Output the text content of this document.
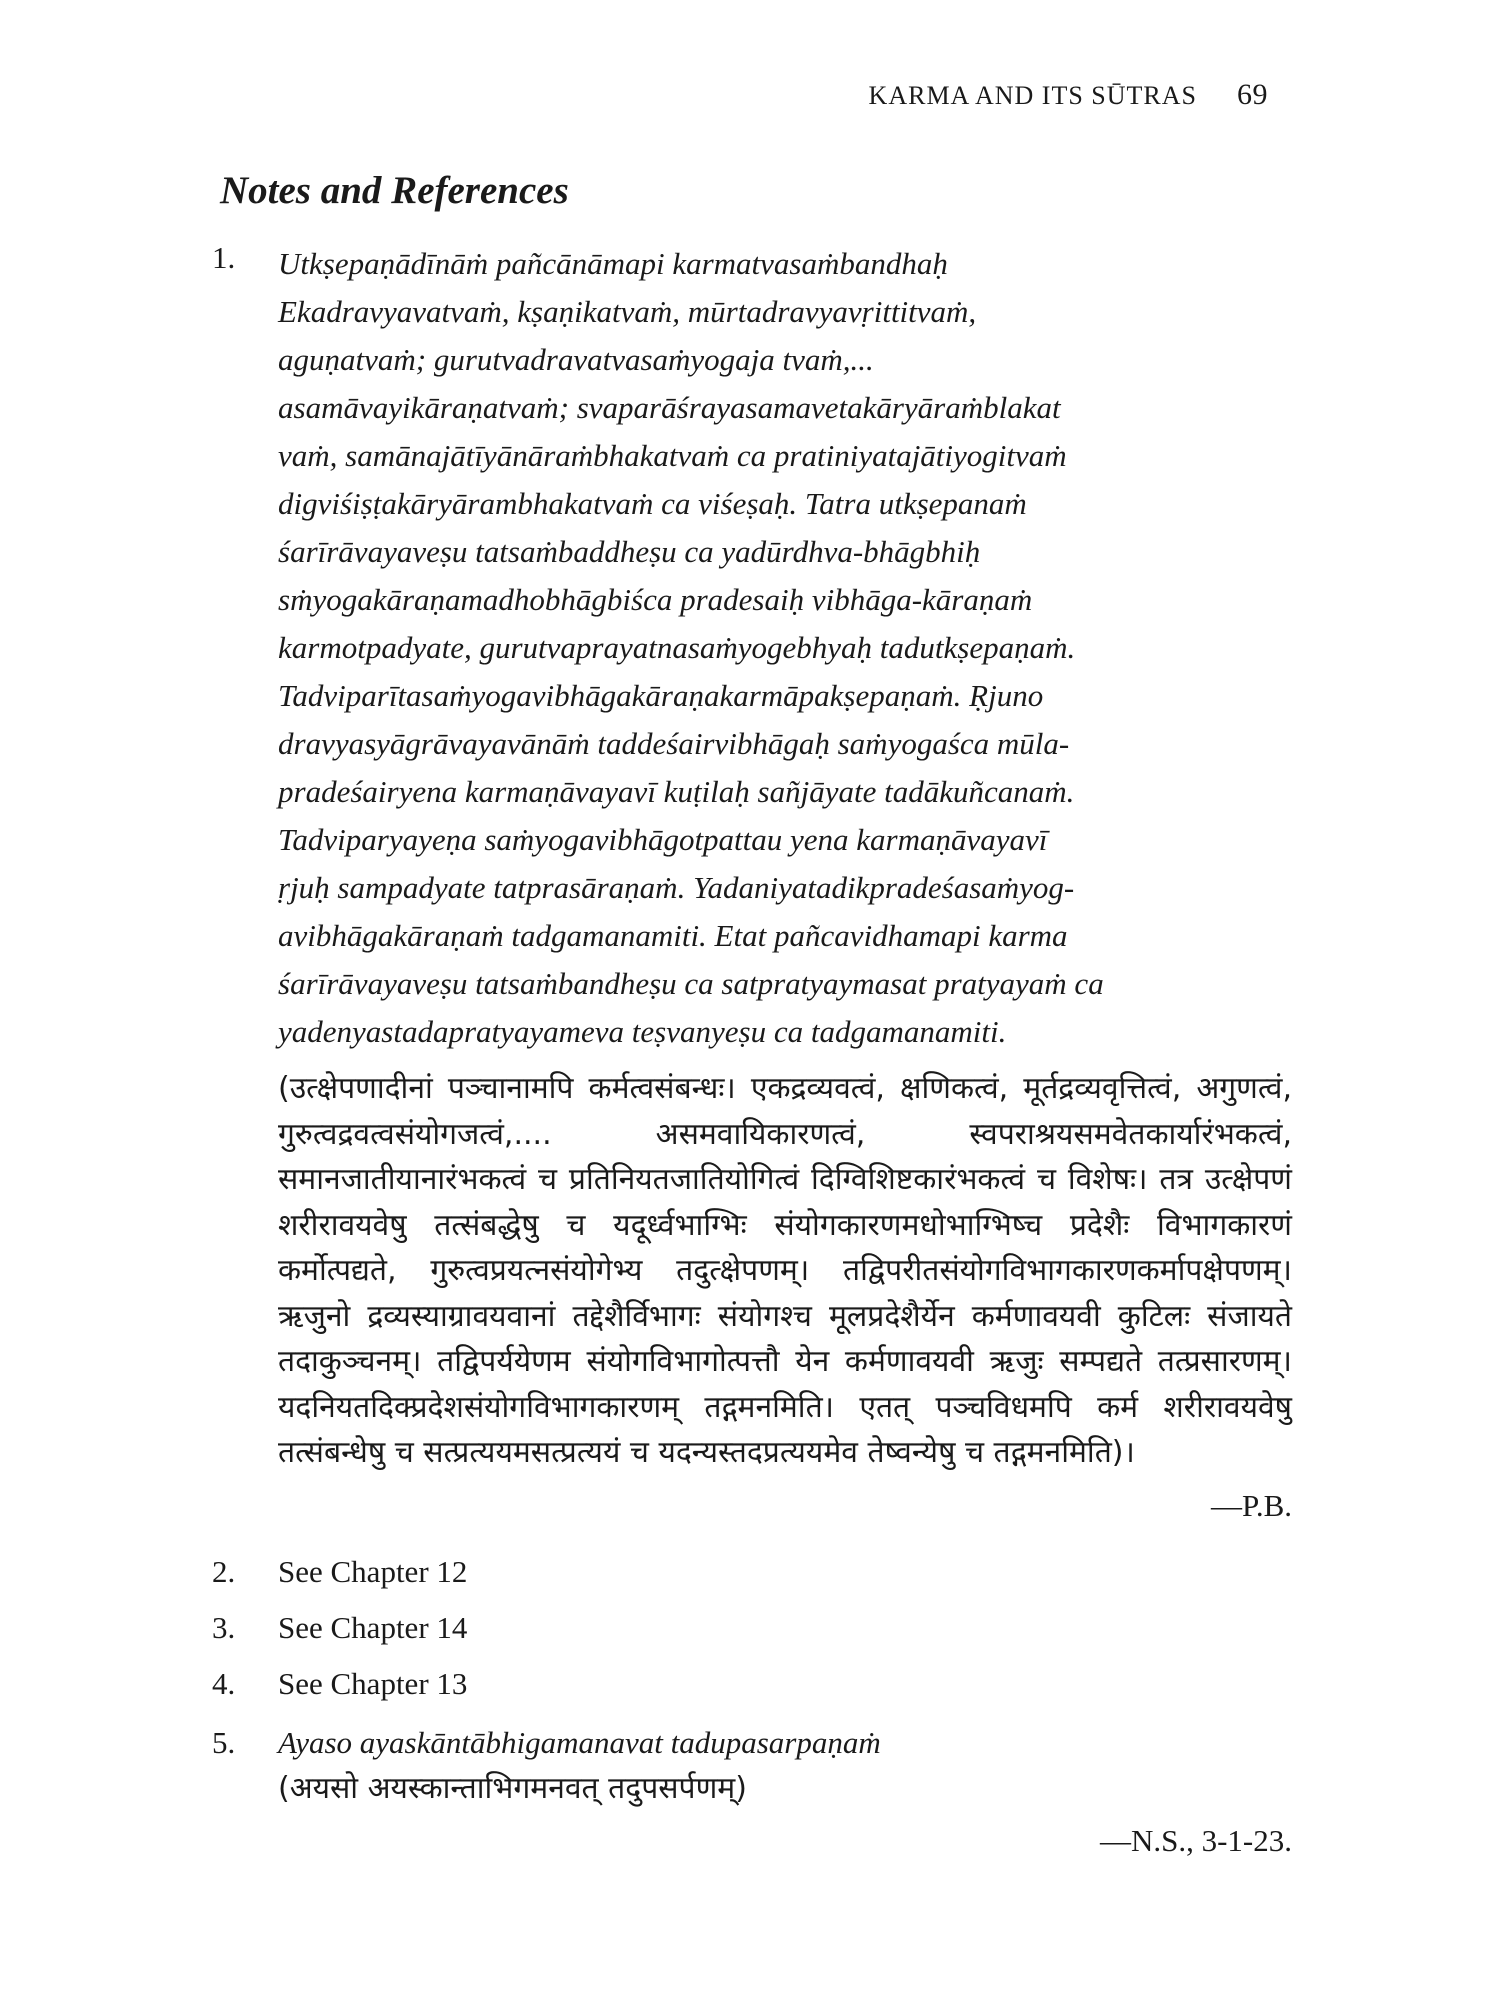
KARMA AND ITS SŪTRAS 69
Notes and References
1. Utkṣepaṇādīnāṁ pañcānāmapi karmatvasaṁbandhaḥ
Ekadravyavatvaṁ, kṣaṇikatvaṁ, mūrtadravyavṛittitvaṁ,
aguṇatvaṁ; gurutvadravatvasaṁyogaja tvaṁ,...
asamāvayikāraṇatvaṁ; svaparāśrayasamavetakāryāraṁblakat
vaṁ, samānajātīyānāraṁbhakatvaṁ ca pratiniyatajātiyogitvaṁ
digviśiṣṭakāryārambhakatvaṁ ca viśeṣaḥ. Tatra utkṣepanaṁ
śarīrāvayaveṣu tatsaṁbaddheṣu ca yadūrdhva-bhāgbhiḥ
sṁyogakāraṇamadhobhāgbiśca pradesaiḥ vibhāga-kāraṇaṁ
karmotpadyate, gurutvaprayatnasaṁyogebhyaḥ tadutkṣepaṇaṁ.
Tadviparītasaṁyogavibhāgakāraṇakarmāpakṣepaṇaṁ. Ṛjuno
dravyasyāgrāvayavānāṁ taddeśairvibhāgaḥ saṁyogaśca mūla-
pradeśairyena karmaṇāvayavī kuṭilaḥ sañjāyate tadākuñcanaṁ.
Tadviparyayeṇa saṁyogavibhāgotpattau yena karmaṇāvayavī
ṛjuḥ sampadyate tatprasāraṇaṁ. Yadaniyatadikpradeśasaṁyog-
avibhāgakāraṇaṁ tadgamanamiti. Etat pañcavidhamapi karma
śarīrāvayaveṣu tatsaṁbandheṣu ca satpratyaymasat pratyayaṁ ca
yadenyastadapratyayameva teṣvanyeṣu ca tadgamanamiti.

(उत्क्षेपणादीनां पञ्चानामपि कर्मत्वसंबन्धः। एकद्रव्यवत्वं, क्षणिकत्वं, मूर्तद्रव्यवृत्तित्वं, अगुणत्वं, गुरुत्वद्रवत्वसंयोगजत्वं,.... असमवायिकारणत्वं, स्वपराश्रयसमवेतकार्यारंभकत्वं, समानजातीयानारंभकत्वं च प्रतिनियतजातियोगित्वं दिग्विशिष्टकारंभकत्वं च विशेषः। तत्र उत्क्षेपणं शरीरावयवेषु तत्संबद्धेषु च यदूर्ध्वभाग्भिः संयोगकारणमधोभाग्भिष्च प्रदेशैः विभागकारणं कर्मोत्पद्यते, गुरुत्वप्रयत्नसंयोगेभ्य तदुत्क्षेपणम्। तद्विपरीतसंयोगविभागकारणकर्मापक्षेपणम्। ऋजुनो द्रव्यस्याग्रावयवानां तद्देशैर्विभागः संयोगश्च मूलप्रदेशैर्येन कर्मणावयवी कुटिलः संजायते तदाकुञ्चनम्। तद्विपर्ययेणम संयोगविभागोत्पत्तौ येन कर्मणावयवी ऋजुः सम्पद्यते तत्प्रसारणम्। यदनियतदिक्प्रदेशसंयोगविभागकारणम् तद्गमनमिति। एतत् पञ्चविधमपि कर्म शरीरावयवेषु तत्संबन्धेषु च सत्प्रत्ययमसत्प्रत्ययं च यदन्यस्तदप्रत्ययमेव तेष्वन्येषु च तद्गमनमिति)।

—P.B.

2. See Chapter 12
3. See Chapter 14
4. See Chapter 13
5. Ayaso ayaskāntābhigamanavat tadupasarpaṇaṁ

(अयसो अयस्कान्ताभिगमनवत् तदुपसर्पणम्)

—N.S., 3-1-23.
